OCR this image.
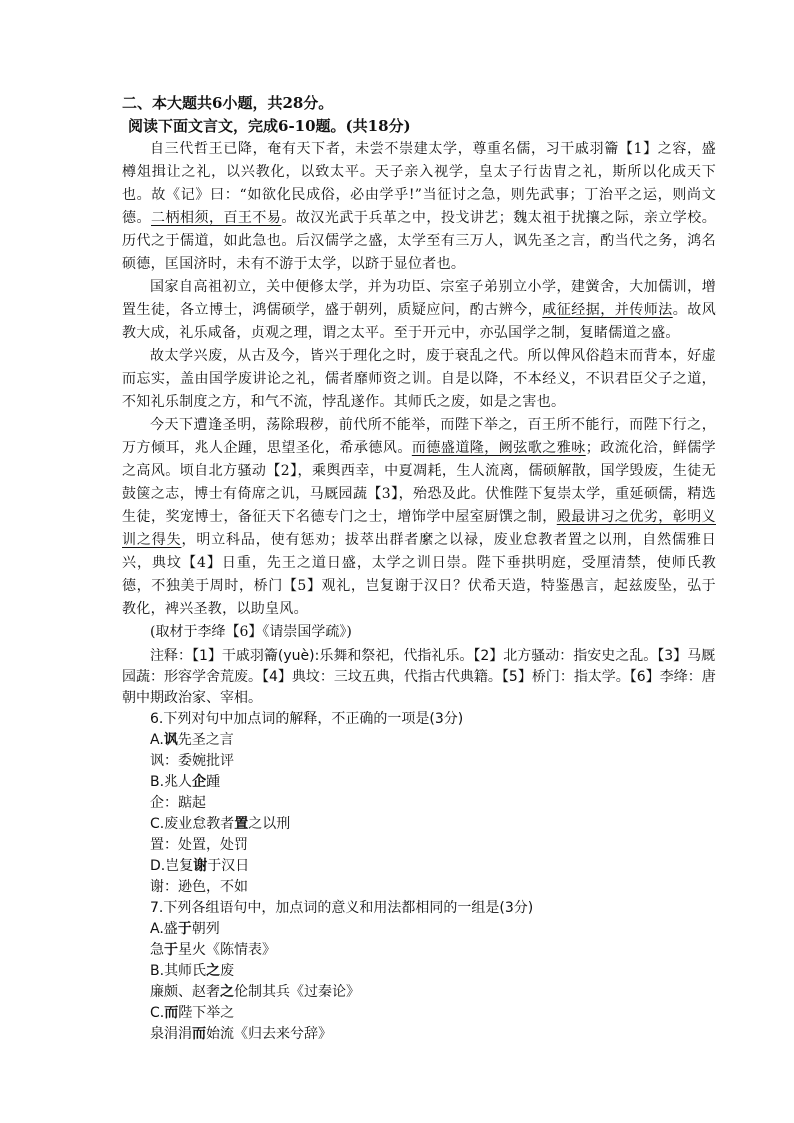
二、本大题共6小题，共28分。

阅读下面文言文，完成6-10题。(共18分)

自三代哲王已降，奄有天下者，未尝不崇建太学，尊重名儒，习干戚羽籥【1】之容，盛樽俎揖让之礼，以兴教化，以致太平。天子亲入视学，皇太子行齿胄之礼，斯所以化成天下也。故《记》曰：“如欲化民成俗，必由学乎!”当征讨之急，则先武事；丁治平之运，则尚文德。二柄相须，百王不易。故汉光武于兵革之中，投戈讲艺；魏太祖于扰攘之际，亲立学校。历代之于儒道，如此急也。后汉儒学之盛，太学至有三万人，讽先圣之言，酌当代之务，鸿名硕德，匡国济时，未有不游于太学，以跻于显位者也。

国家自高祖初立，关中便修太学，并为功臣、宗室子弟别立小学，建黉舍，大加儒训，增置生徒，各立博士，鸿儒硕学，盛于朝列，质疑应问，酌古辨今，咸征经据，并传师法。故风教大成，礼乐咸备，贞观之理，谓之太平。至于开元中，亦弘国学之制，复睹儒道之盛。

故太学兴废，从古及今，皆兴于理化之时，废于衰乱之代。所以俾风俗趋末而背本，好虚而忘实，盖由国学废讲论之礼，儒者靡师资之训。自是以降，不本经义，不识君臣父子之道，不知礼乐制度之方，和气不流，悖乱遂作。其师氏之废，如是之害也。

今天下遭逢圣明，荡除瑕秽，前代所不能举，而陛下举之，百王所不能行，而陛下行之，万方倾耳，兆人企踵，思望圣化，希承德风。而德盛道隆，阙弦歌之雅咏；政流化洽，鲜儒学之高风。顷自北方骚动【2】，乘舆西幸，中夏凋耗，生人流离，儒硕解散，国学毁废，生徒无鼓箧之志，博士有倚席之讥，马厩园蔬【3】，殆恐及此。伏惟陛下复崇太学，重延硕儒，精选生徒，奖宠博士，备征天下名德专门之士，增饰学中屋室厨馔之制，殿最讲习之优劣，彰明义训之得失，明立科品，使有惩劝；拔萃出群者縻之以禄，废业怠教者置之以刑，自然儒雅日兴，典坟【4】日重，先王之道日盛，太学之训日崇。陛下垂拱明庭，受厘清禁，使师氏教德，不独美于周时，桥门【5】观礼，岂复谢于汉日？伏希天造，特鉴愚言，起兹废坠，弘于教化，裨兴圣教，以助皇风。

(取材于李绛【6】《请崇国学疏》)

注释：【1】干戚羽籥(yuè):乐舞和祭祀，代指礼乐。【2】北方骚动：指安史之乱。【3】马厩园蔬：形容学舍荒废。【4】典坟：三坟五典，代指古代典籍。【5】桥门：指太学。【6】李绛：唐朝中期政治家、宰相。

6.下列对句中加点词的解释，不正确的一项是(3分)

A.讽先圣之言

讽：委婉批评

B.兆人企踵

企：踮起

C.废业怠教者置之以刑

置：处置，处罚

D.岂复谢于汉日

谢：逊色，不如

7.下列各组语句中，加点词的意义和用法都相同的一组是(3分)

A.盛于朝列

急于星火《陈情表》

B.其师氏之废

廉颇、赵奢之伦制其兵《过秦论》

C.而陛下举之

泉涓涓而始流《归去来兮辞》
